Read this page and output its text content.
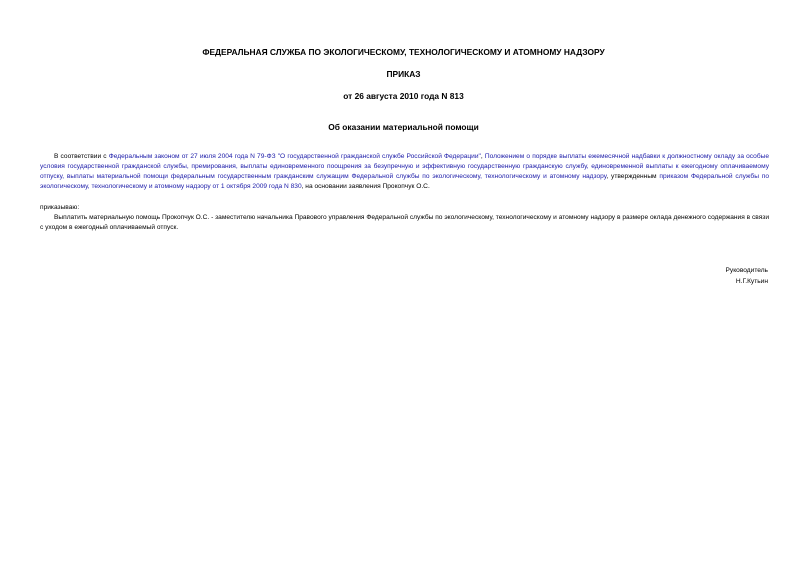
ФЕДЕРАЛЬНАЯ СЛУЖБА ПО ЭКОЛОГИЧЕСКОМУ, ТЕХНОЛОГИЧЕСКОМУ И АТОМНОМУ НАДЗОРУ
ПРИКАЗ
от 26 августа 2010 года N 813
Об оказании материальной помощи

В соответствии с Федеральным законом от 27 июля 2004 года N 79-ФЗ "О государственной гражданской службе Российской Федерации", Положением о порядке выплаты ежемесячной надбавки к должностному окладу за особые условия государственной гражданской службы, премирования, выплаты единовременного поощрения за безупречную и эффективную государственную гражданскую службу, единовременной выплаты к ежегодному оплачиваемому отпуску, выплаты материальной помощи федеральным государственным гражданским служащим Федеральной службы по экологическому, технологическому и атомному надзору, утвержденным приказом Федеральной службы по экологическому, технологическому и атомному надзору от 1 октября 2009 года N 830, на основании заявления Прокопчук О.С.

приказываю:

Выплатить материальную помощь Прокопчук О.С. - заместителю начальника Правового управления Федеральной службы по экологическому, технологическому и атомному надзору в размере оклада денежного содержания в связи с уходом в ежегодный оплачиваемый отпуск.

Руководитель
Н.Г.Кутьин
